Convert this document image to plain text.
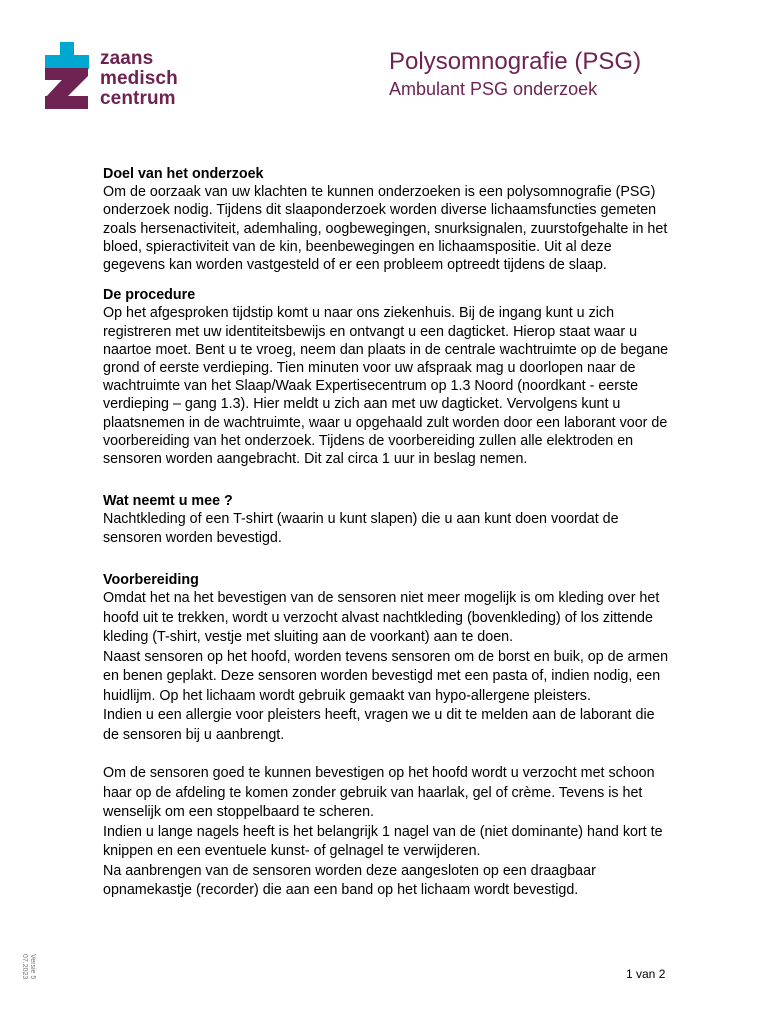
zaans
medisch
centrum
Polysomnografie (PSG)
Ambulant PSG onderzoek

Doel van het onderzoek

Om de oorzaak van uw klachten te kunnen onderzoeken is een polysomnografie (PSG) onderzoek nodig. Tijdens dit slaaponderzoek worden diverse lichaamsfuncties gemeten zoals hersenactiviteit, ademhaling, oogbewegingen, snurksignalen, zuurstofgehalte in het bloed, spieractiviteit van de kin, beenbewegingen en lichaamspositie. Uit al deze gegevens kan worden vastgesteld of er een probleem optreedt tijdens de slaap.

De procedure

Op het afgesproken tijdstip komt u naar ons ziekenhuis. Bij de ingang kunt u zich registreren met uw identiteitsbewijs en ontvangt u een dagticket. Hierop staat waar u naartoe moet. Bent u te vroeg, neem dan plaats in de centrale wachtruimte op de begane grond of eerste verdieping. Tien minuten voor uw afspraak mag u doorlopen naar de wachtruimte van het Slaap/Waak Expertisecentrum op 1.3 Noord (noordkant - eerste verdieping – gang 1.3). Hier meldt u zich aan met uw dagticket. Vervolgens kunt u plaatsnemen in de wachtruimte, waar u opgehaald zult worden door een laborant voor de voorbereiding van het onderzoek. Tijdens de voorbereiding zullen alle elektroden en sensoren worden aangebracht. Dit zal circa 1 uur in beslag nemen.

Wat neemt u mee ?

Nachtkleding of een T-shirt (waarin u kunt slapen) die u aan kunt doen voordat de sensoren worden bevestigd.

Voorbereiding

Omdat het na het bevestigen van de sensoren niet meer mogelijk is om kleding over het hoofd uit te trekken, wordt u verzocht alvast nachtkleding (bovenkleding) of los zittende kleding (T-shirt, vestje met sluiting aan de voorkant) aan te doen.

Naast sensoren op het hoofd, worden tevens sensoren om de borst en buik, op de armen en benen geplakt. Deze sensoren worden bevestigd met een pasta of, indien nodig, een huidlijm. Op het lichaam wordt gebruik gemaakt van hypo-allergene pleisters.

Indien u een allergie voor pleisters heeft, vragen we u dit te melden aan de laborant die de sensoren bij u aanbrengt.

Om de sensoren goed te kunnen bevestigen op het hoofd wordt u verzocht met schoon haar op de afdeling te komen zonder gebruik van haarlak, gel of crème. Tevens is het wenselijk om een stoppelbaard te scheren.

Indien u lange nagels heeft is het belangrijk 1 nagel van de (niet dominante) hand kort te knippen en een eventuele kunst- of gelnagel te verwijderen.

Na aanbrengen van de sensoren worden deze aangesloten op een draagbaar opnamekastje (recorder) die aan een band op het lichaam wordt bevestigd.

Versie 5
07.2023	1 van 2
